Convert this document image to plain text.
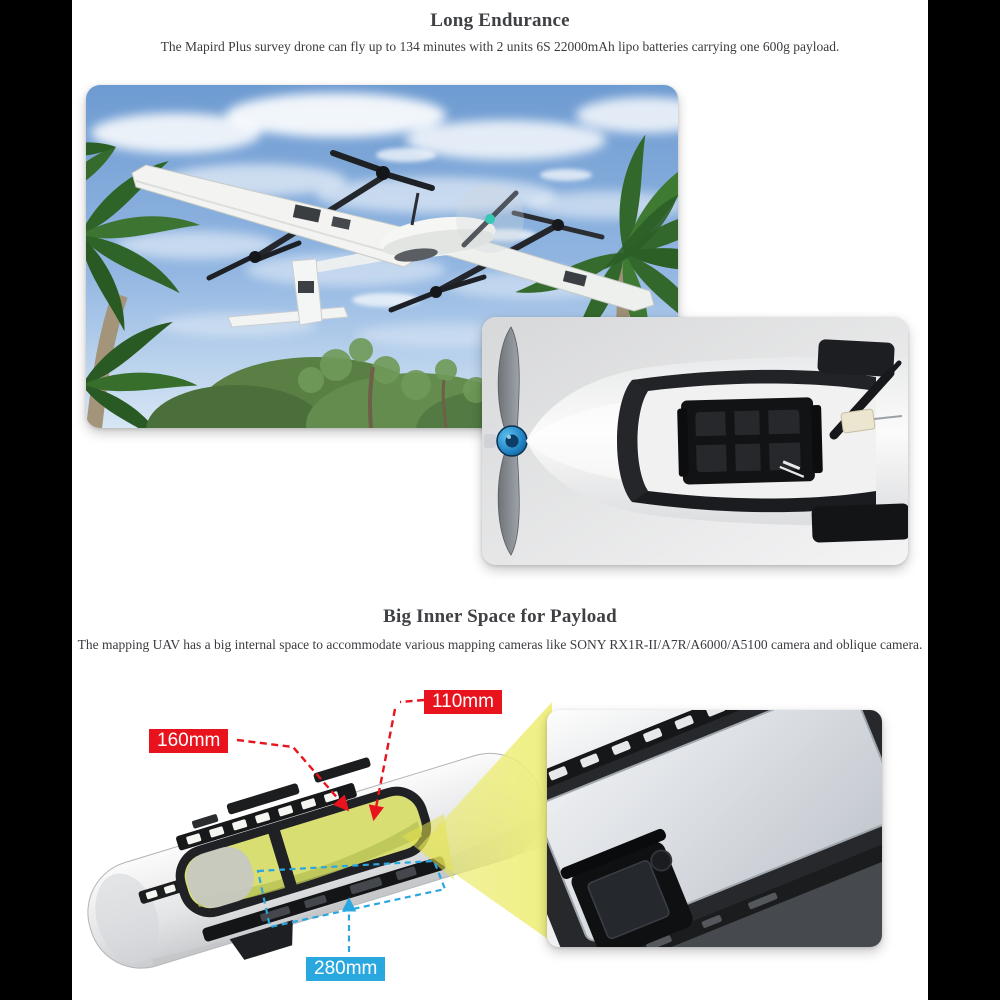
Long Endurance

The Mapird Plus survey drone can fly up to 134 minutes with 2 units 6S 22000mAh lipo batteries carrying one 600g payload.

Big Inner Space for Payload

The mapping UAV has a big internal space to accommodate various mapping cameras like SONY RX1R-II/A7R/A6000/A5100 camera and oblique camera.

110mm
160mm
280mm
